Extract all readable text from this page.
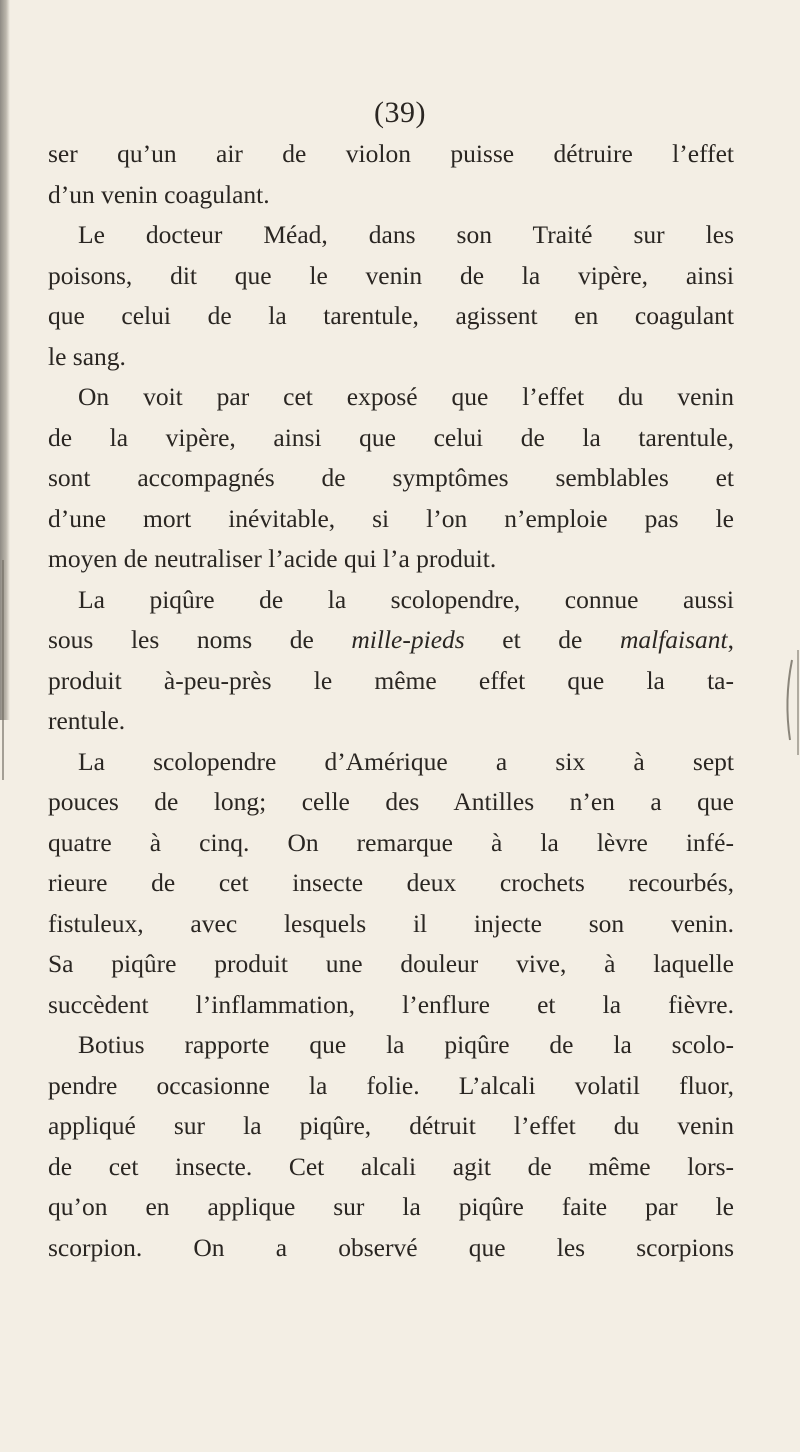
(39)
ser qu’un air de violon puisse détruire l’effet
d’un venin coagulant.
Le docteur Méad, dans son Traité sur les
poisons, dit que le venin de la vipère, ainsi
que celui de la tarentule, agissent en coagulant
le sang.
On voit par cet exposé que l’effet du venin
de la vipère, ainsi que celui de la tarentule,
sont accompagnés de symptômes semblables et
d’une mort inévitable, si l’on n’emploie pas le
moyen de neutraliser l’acide qui l’a produit.
La piqûre de la scolopendre, connue aussi
sous les noms de mille-pieds et de malfaisant,
produit à-peu-près le même effet que la ta-
rentule.
La scolopendre d’Amérique a six à sept
pouces de long; celle des Antilles n’en a que
quatre à cinq. On remarque à la lèvre infé-
rieure de cet insecte deux crochets recourbés,
fistuleux, avec lesquels il injecte son venin.
Sa piqûre produit une douleur vive, à laquelle
succèdent l’inflammation, l’enflure et la fièvre.
Botius rapporte que la piqûre de la scolo-
pendre occasionne la folie. L’alcali volatil fluor,
appliqué sur la piqûre, détruit l’effet du venin
de cet insecte. Cet alcali agit de même lors-
qu’on en applique sur la piqûre faite par le
scorpion. On a observé que les scorpions
